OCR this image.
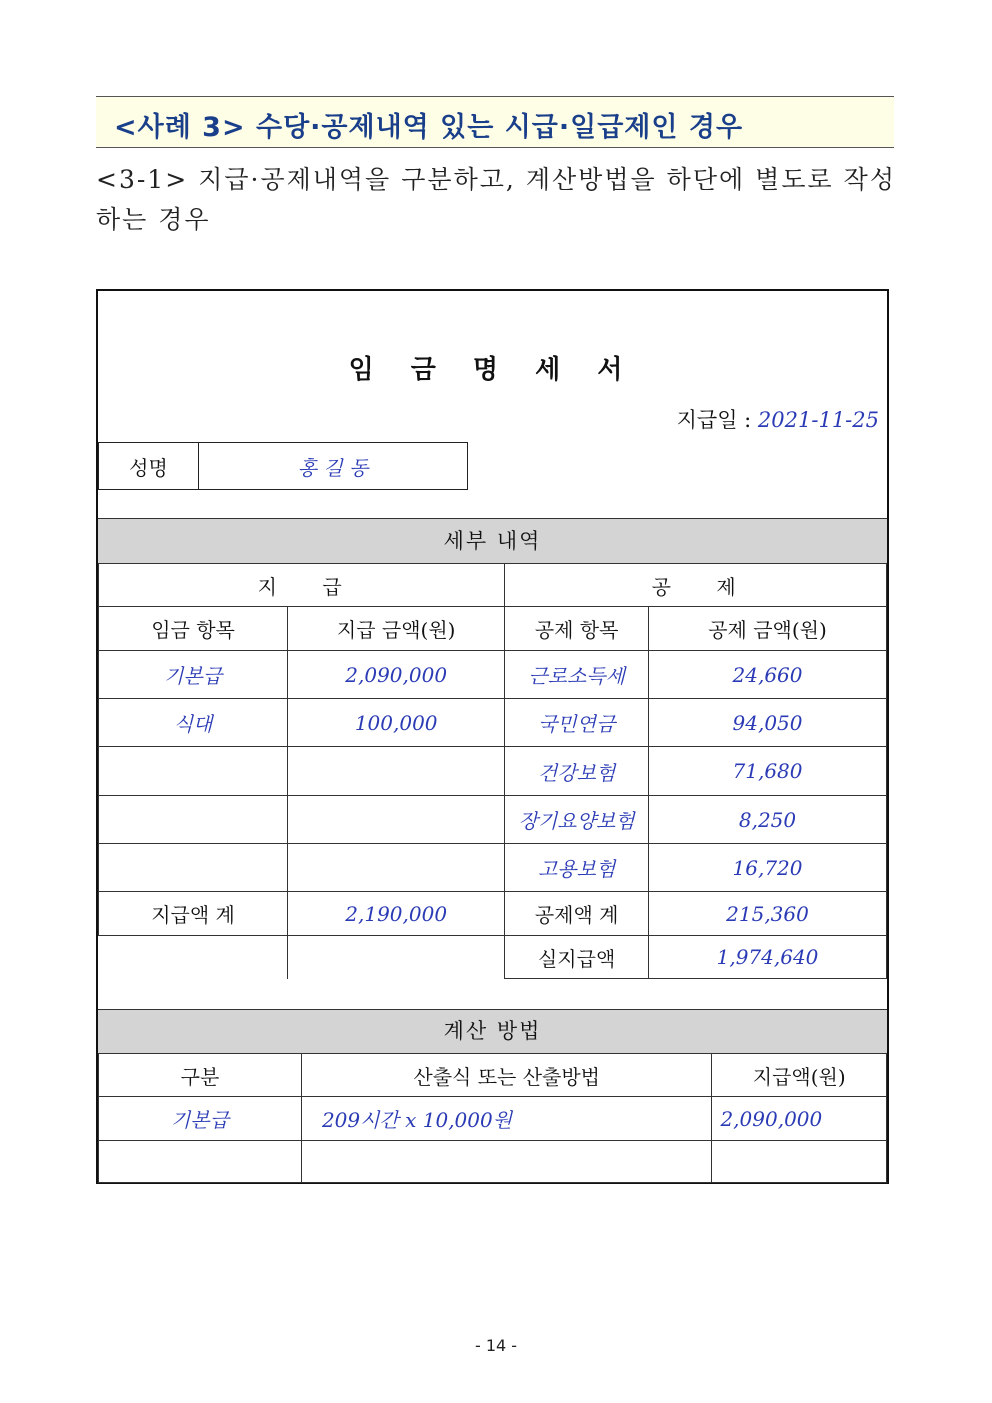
<사례 3> 수당·공제내역 있는 시급·일급제인 경우
<3-1> 지급·공제내역을 구분하고, 계산방법을 하단에 별도로 작성하는 경우
임 금 명 세 서
지급일 : 2021-11-25
성명	홍 길 동
세부 내역
지    급		공    제	
임금 항목	지급 금액(원)	공제 항목	공제 금액(원)
기본급	2,090,000	근로소득세	24,660
식대	100,000	국민연금	94,050
		건강보험	71,680
		장기요양보험	8,250
		고용보험	16,720
지급액 계	2,190,000	공제액 계	215,360
		실지급액	1,974,640
계산 방법
구분	산출식 또는 산출방법	지급액(원)
기본급	209시간 x 10,000원	2,090,000

- 14 -
